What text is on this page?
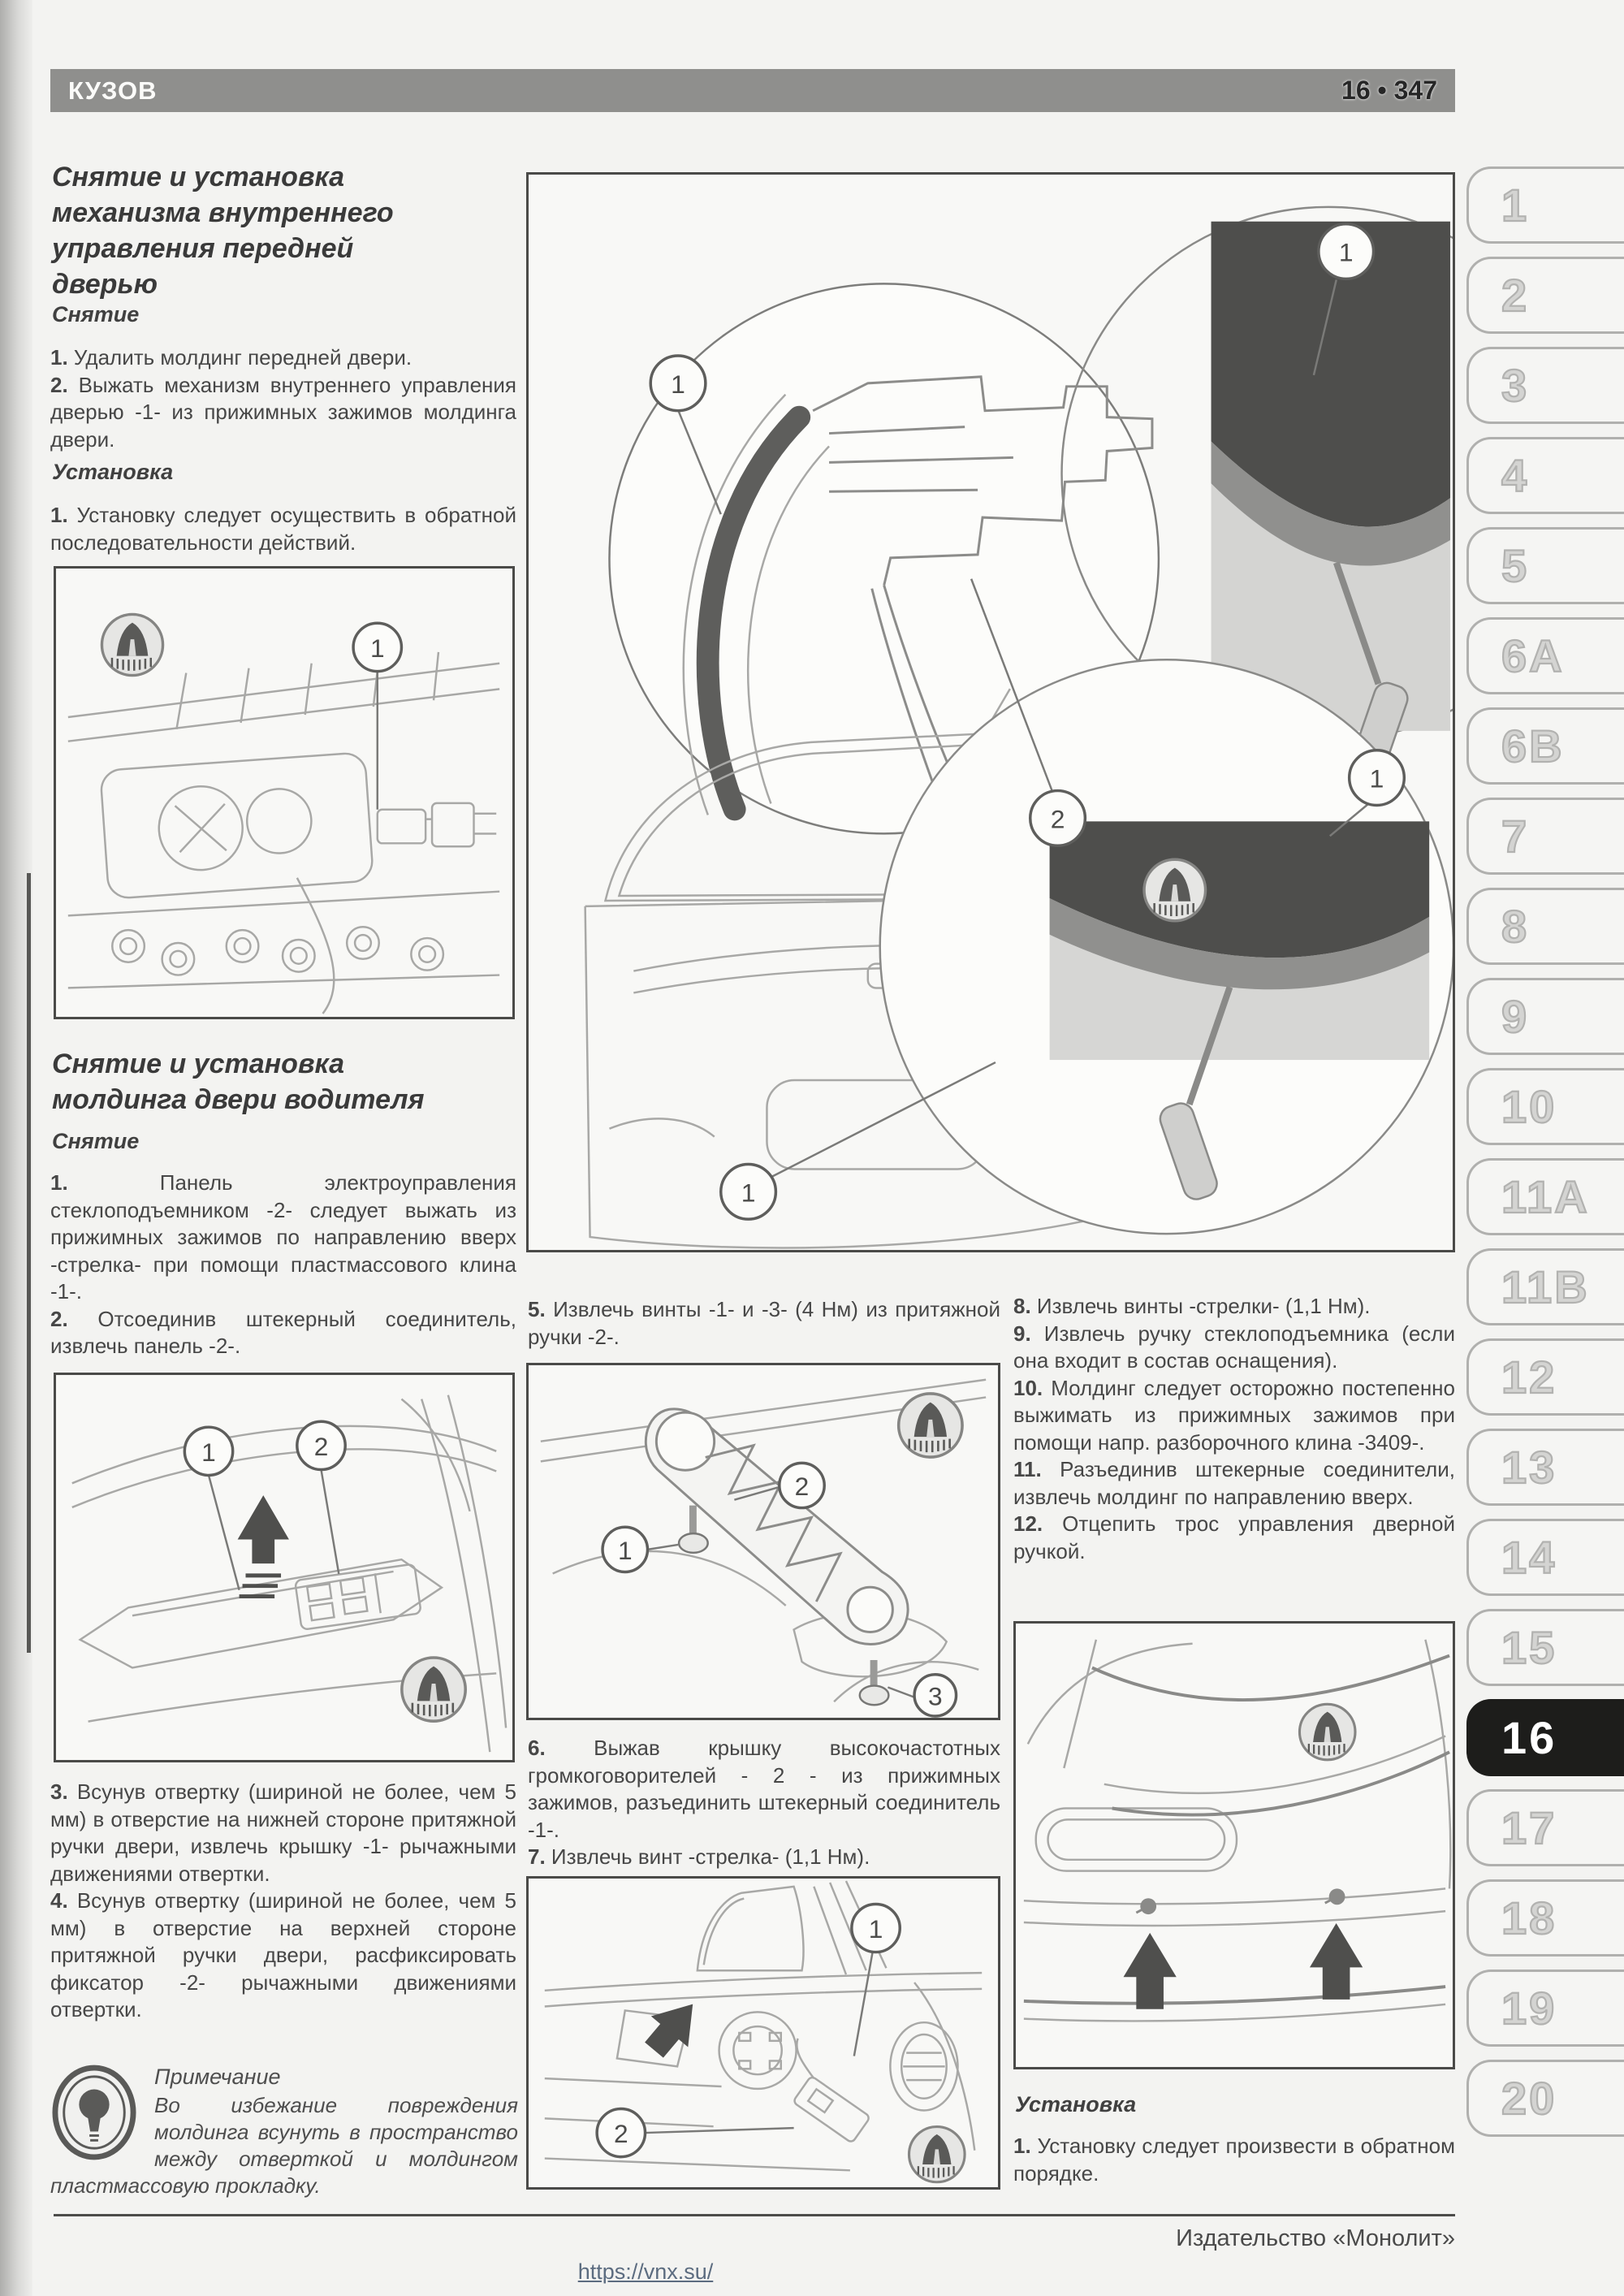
КУЗОВ	16 • 347
1
2
3
4
5
6A
6B
7
8
9
10
11A
11B
12
13
14
15
16
17
18
19
20
Снятие и установка механизма внутреннего управления передней дверью
Снятие

1. Удалить молдинг передней двери.

2. Выжать механизм внутреннего управления дверью -1- из прижимных зажимов молдинга двери.

Установка

1. Установку следует осуществить в обратной последовательности действий.

1
Снятие и установка молдинга двери водителя
Снятие

1.	Панель электроуправления стеклоподъемником -2- следует выжать из прижимных зажимов по направлению вверх -стрелка- при помощи пластмассового клина -1-.

2. Отсоединив штекерный соединитель, извлечь панель -2-.

1	2

3. Всунув отвертку (шириной не более, чем 5 мм) в отверстие на нижней стороне притяжной ручки двери, извлечь крышку -1- рычажными движениями отвертки.

4. Всунув отвертку (шириной не более, чем 5 мм) в отверстие на верхней стороне притяжной ручки двери, расфиксировать фиксатор -2- рычажными движениями отвертки.

Примечание
Во избежание повреждения молдинга всунуть в пространство между отверткой и молдингом пластмассовую прокладку.
1
2
1
1
1

5. Извлечь винты -1- и -3- (4 Нм) из притяжной ручки -2-.

1
2
3

6. Выжав крышку высокочастотных громкоговорителей - 2 - из прижимных зажимов, разъединить штекерный соединитель -1-.

7. Извлечь винт -стрелка- (1,1 Нм).

1
2

8. Извлечь винты -стрелки- (1,1 Нм).

9. Извлечь ручку стеклоподъемника (если она входит в состав оснащения).

10. Молдинг следует осторожно постепенно выжимать из прижимных зажимов при помощи напр. разборочного клина -3409-.

11. Разъединив штекерные соединители, извлечь молдинг по направлению вверх.

12. Отцепить трос управления дверной ручкой.

Установка

1. Установку следует произвести в обратном порядке.

Издательство «Монолит»
https://vnx.su/
